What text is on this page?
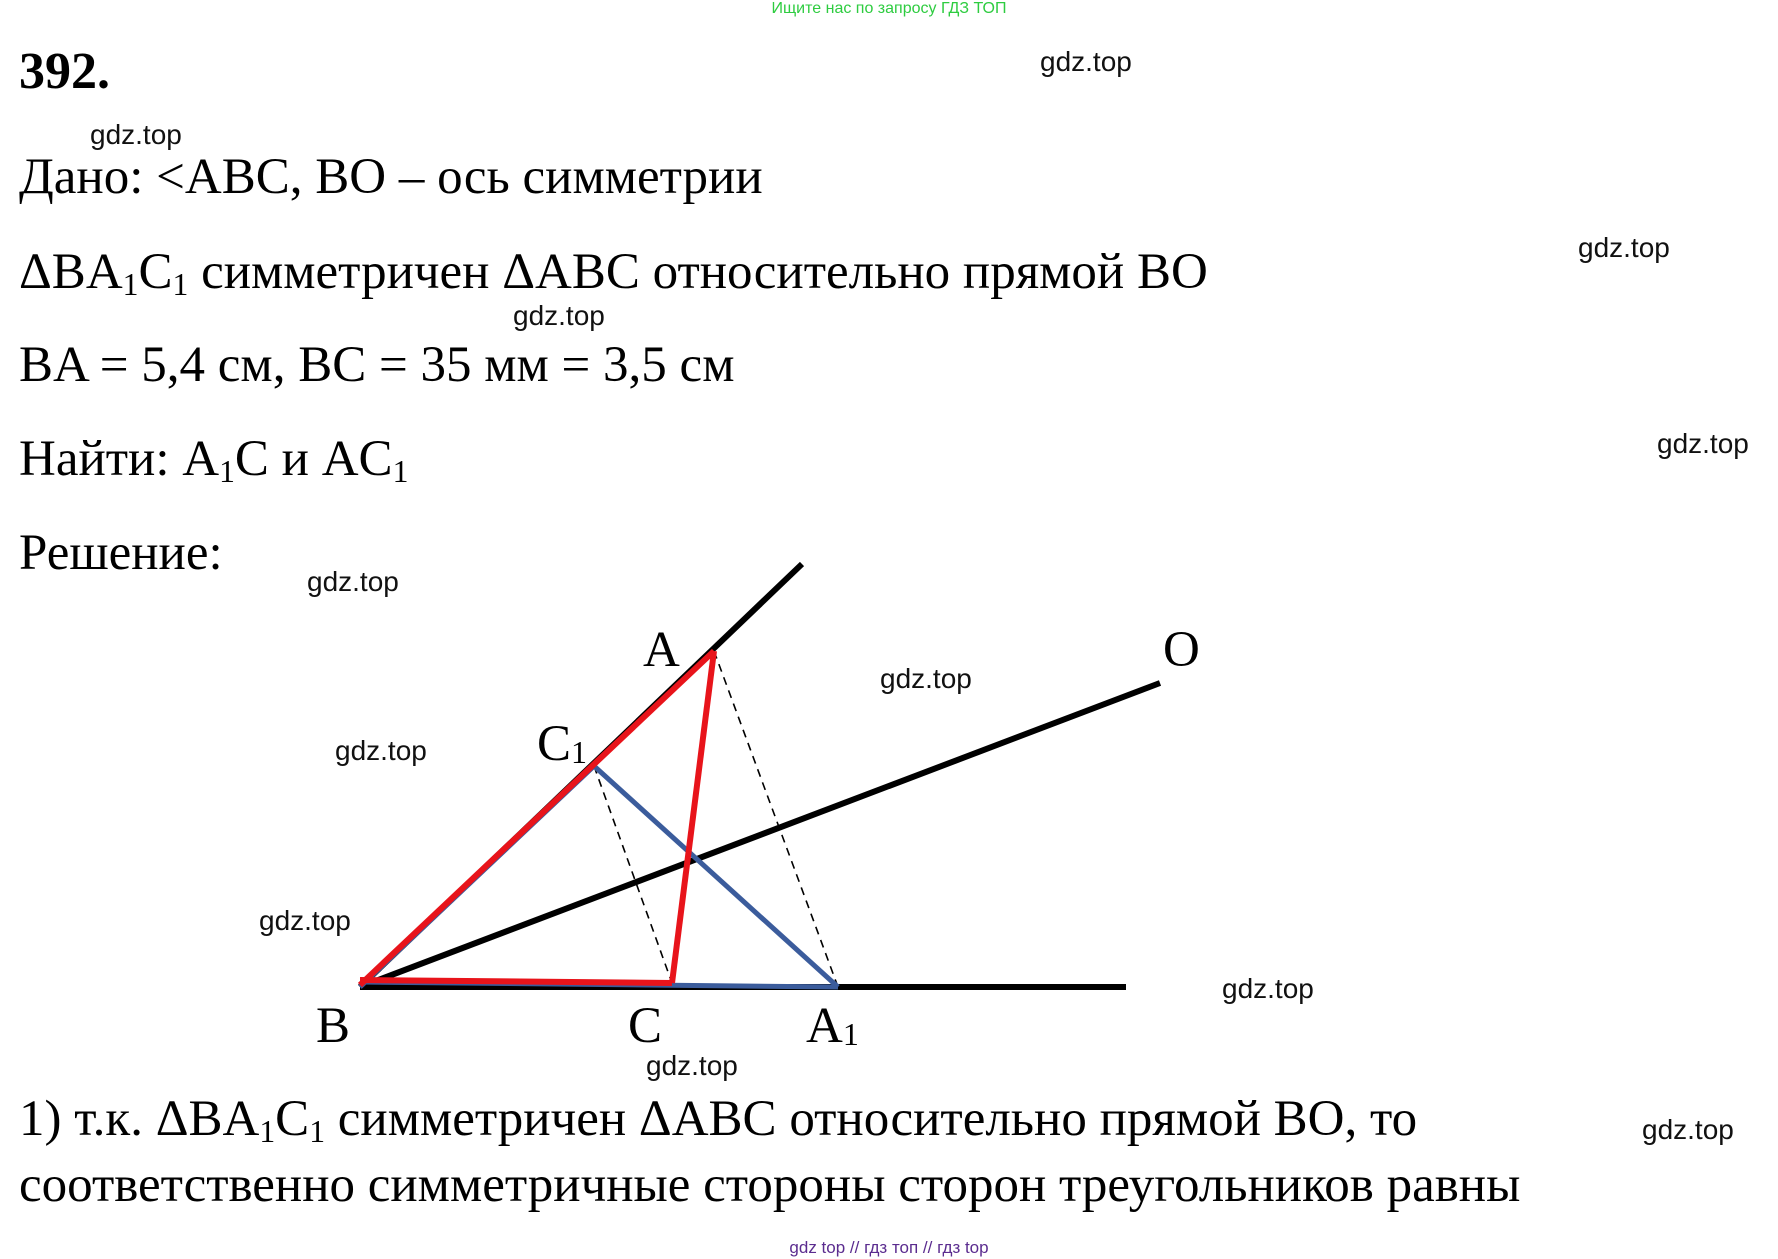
Ищите нас по запросу ГДЗ ТОП
392.
Дано: <ABC, BO – ось симметрии
$\Delta BA_1C_1$ симметричен ΔABC относительно прямой BO
BA = 5,4 см, BC = 35 мм = 3,5 см
Найти: $A_1C$ и $AC_1$
Решение:
A	O
C1
B	C	A1
1) т.к. $\Delta BA_1C_1$ симметричен ΔABC относительно прямой BO, то
соответственно симметричные стороны сторон треугольников равны
gdz.top
gdz.top
gdz.top
gdz.top
gdz.top
gdz.top
gdz.top
gdz.top
gdz.top
gdz.top
gdz.top
gdz.top
gdz top // гдз топ // гдз top
